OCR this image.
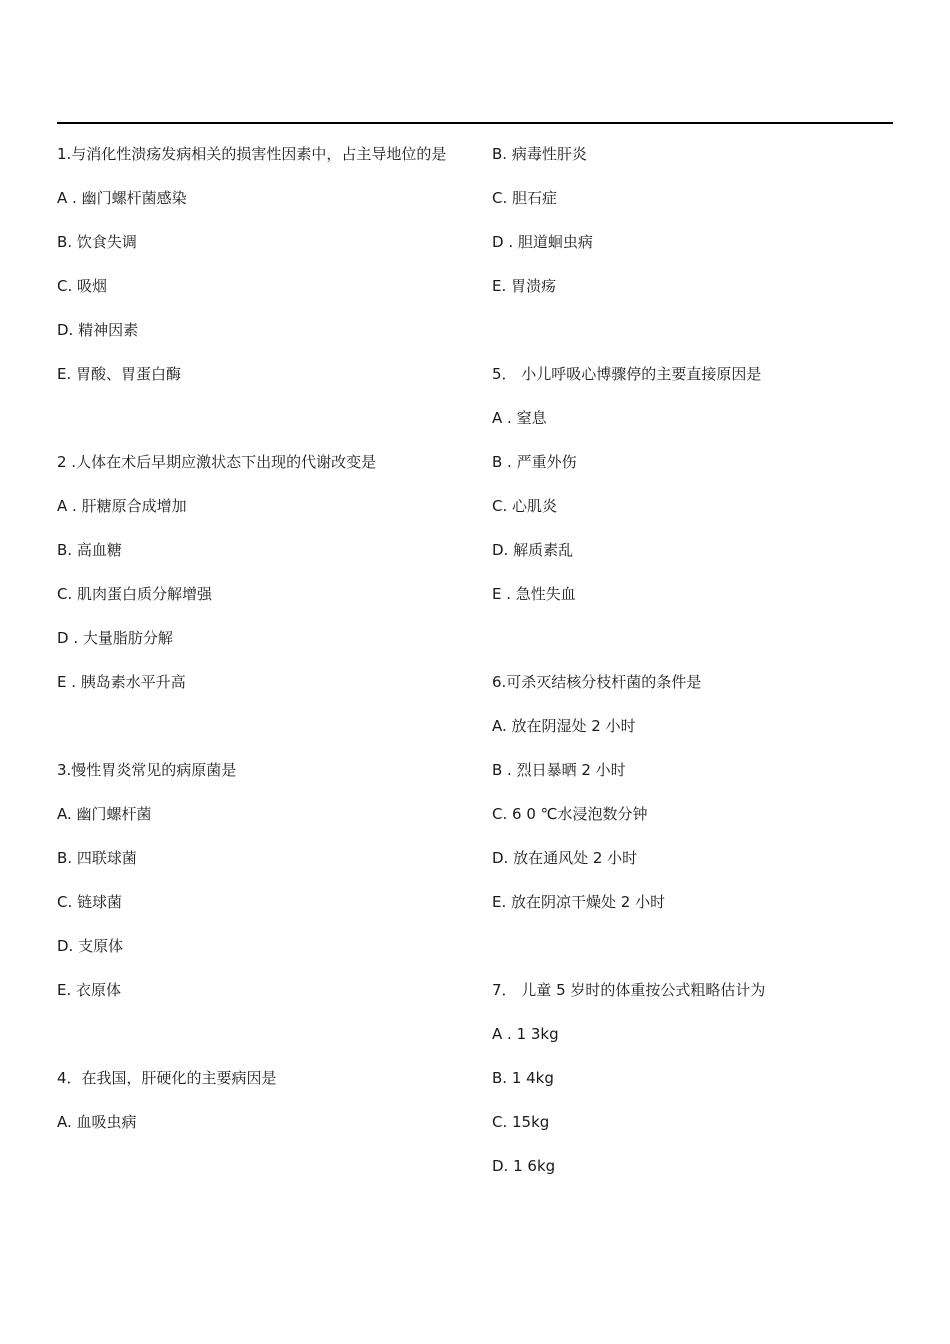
1.与消化性溃疡发病相关的损害性因素中，占主导地位的是

A . 幽门螺杆菌感染

B. 饮食失调

C. 吸烟

D. 精神因素

E. 胃酸、胃蛋白酶

2 .人体在术后早期应激状态下出现的代谢改变是

A . 肝糖原合成增加

B. 高血糖

C. 肌肉蛋白质分解增强

D . 大量脂肪分解

E . 胰岛素水平升高

3.慢性胃炎常见的病原菌是

A. 幽门螺杆菌

B. 四联球菌

C. 链球菌

D. 支原体

E. 衣原体

4．在我国，肝硬化的主要病因是

A. 血吸虫病

B. 病毒性肝炎

C. 胆石症

D . 胆道蛔虫病

E. 胃溃疡

5． 小儿呼吸心博骤停的主要直接原因是

A . 窒息

B . 严重外伤

C. 心肌炎

D. 解质素乱

E . 急性失血

6.可杀灭结核分枝杆菌的条件是

A. 放在阴湿处 2 小时

B . 烈日暴晒 2 小时

C. 6 0 ℃水浸泡数分钟

D. 放在通风处 2 小时

E. 放在阴凉干燥处 2 小时

7． 儿童 5 岁时的体重按公式粗略估计为

A . 1 3kg

B. 1 4kg

C. 15kg

D. 1 6kg
